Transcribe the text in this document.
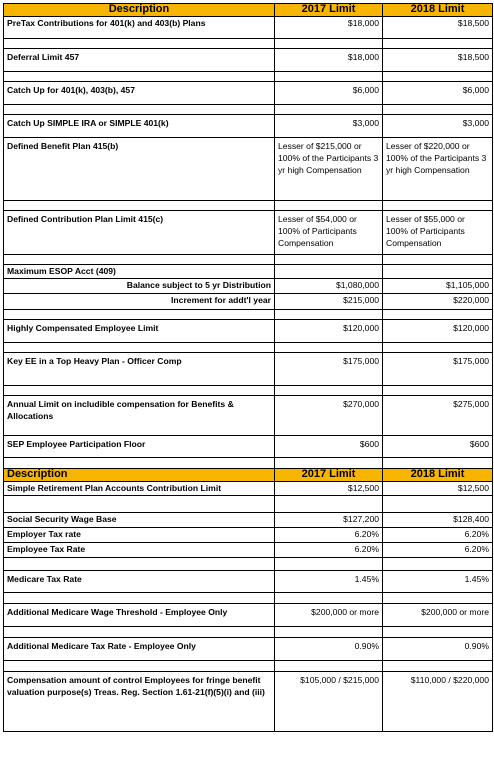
Description	2017 Limit	2018 Limit
PreTax Contributions for 401(k) and 403(b) Plans	$18,000	$18,500

Deferral Limit 457	$18,000	$18,500

Catch Up for 401(k), 403(b), 457	$6,000	$6,000

Catch Up SIMPLE IRA or SIMPLE 401(k)	$3,000	$3,000
Defined Benefit Plan 415(b)	Lesser of $215,000 or 100% of the Participants 3 yr high Compensation	Lesser of $220,000 or 100% of the Participants 3 yr high Compensation

Defined Contribution Plan Limit 415(c)	Lesser of $54,000 or 100% of Participants Compensation	Lesser of $55,000 or 100% of Participants Compensation

Maximum ESOP Acct (409)		
Balance subject to 5 yr Distribution	$1,080,000	$1,105,000
Increment for addt'l year	$215,000	$220,000

Highly Compensated Employee Limit	$120,000	$120,000

Key EE in a Top Heavy Plan - Officer Comp	$175,000	$175,000

Annual Limit on includible compensation for Benefits & Allocations	$270,000	$275,000
SEP Employee Participation Floor	$600	$600

Description	2017 Limit	2018 Limit
Simple Retirement Plan Accounts Contribution Limit	$12,500	$12,500

Social Security Wage Base	$127,200	$128,400
Employer Tax rate	6.20%	6.20%
Employee Tax Rate	6.20%	6.20%

Medicare Tax Rate	1.45%	1.45%

Additional Medicare Wage Threshold - Employee Only	$200,000 or more	$200,000 or more

Additional Medicare Tax Rate - Employee Only	0.90%	0.90%

Compensation amount of control Employees for fringe benefit valuation purpose(s) Treas. Reg. Section 1.61-21(f)(5)(i) and (iii)	$105,000 / $215,000	$110,000 / $220,000
